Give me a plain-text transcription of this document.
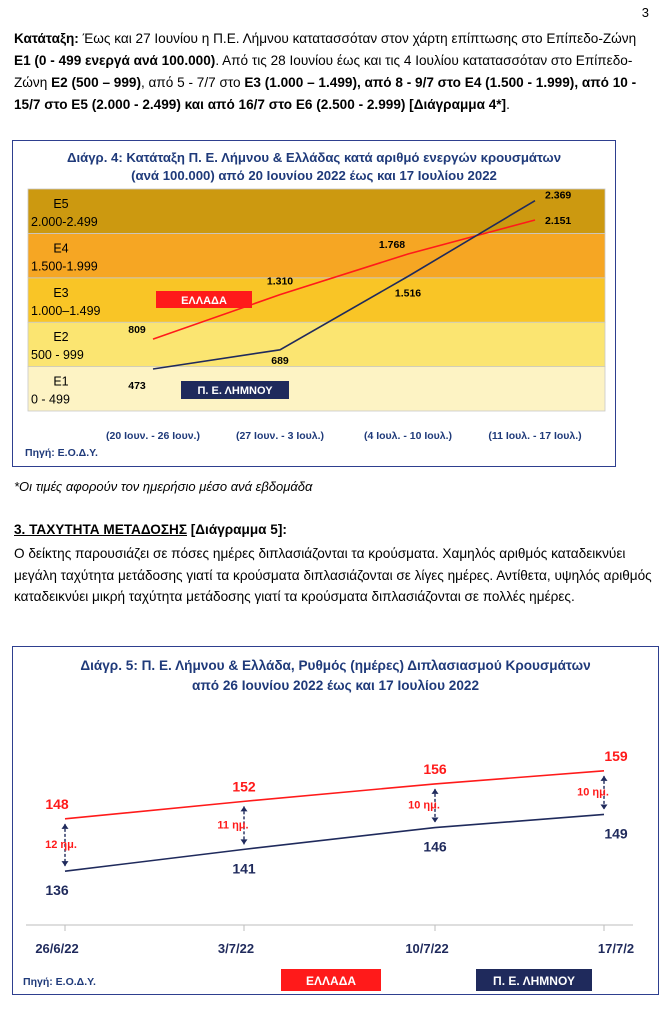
3
Κατάταξη: Έως και 27 Ιουνίου η Π.Ε. Λήμνου κατατασσόταν στον χάρτη επίπτωσης στο Επίπεδο-Ζώνη Ε1 (0 - 499 ενεργά ανά 100.000). Από τις 28 Ιουνίου έως και τις 4 Ιουλίου κατατασσόταν στο Επίπεδο-Ζώνη Ε2 (500 – 999), από 5 - 7/7 στο Ε3 (1.000 – 1.499), από 8 - 9/7 στο Ε4 (1.500 - 1.999), από 10 - 15/7 στο Ε5 (2.000 - 2.499) και από 16/7 στο Ε6 (2.500 - 2.999) [Διάγραμμα 4*].
Διάγρ. 4: Κατάταξη Π. Ε. Λήμνου & Ελλάδας κατά αριθμό ενεργών κρουσμάτων
(ανά 100.000) από 20 Ιουνίου 2022 έως και 17 Ιουλίου 2022
Ε1
0 - 499
Ε2
500 - 999
Ε3
1.000–1.499
Ε4
1.500-1.999
Ε5
2.000-2.499
(20 Ιουν. - 26 Ιουν.)	(27 Ιουν. - 3 Ιουλ.)	(4 Ιουλ. - 10 Ιουλ.)	(11 Ιουλ. - 17 Ιουλ.)
809
1.310
1.768
2.151
473
689
1.516
2.369
ΕΛΛΑΔΑ
Π. Ε. ΛΗΜΝΟΥ
Πηγή: Ε.Ο.Δ.Υ.
*Οι τιμές αφορούν τον ημερήσιο μέσο ανά εβδομάδα
3. ΤΑΧΥΤΗΤΑ ΜΕΤΑΔΟΣΗΣ [Διάγραμμα 5]:
Ο δείκτης παρουσιάζει σε πόσες ημέρες διπλασιάζονται τα κρούσματα. Χαμηλός αριθμός καταδεικνύει μεγάλη ταχύτητα μετάδοσης γιατί τα κρούσματα διπλασιάζονται σε λίγες ημέρες. Αντίθετα, υψηλός αριθμός καταδεικνύει μικρή ταχύτητα μετάδοσης γιατί τα κρούσματα διπλασιάζονται σε πολλές ημέρες.
Διάγρ. 5: Π. Ε. Λήμνου & Ελλάδα, Ρυθμός (ημέρες) Διπλασιασμού Κρουσμάτων
από 26 Ιουνίου 2022 έως και 17 Ιουλίου 2022
26/6/22	3/7/22	10/7/22	17/7/2
12 ημ.
11 ημ.
10 ημ.
10 ημ.
148
152
156
159
136
141
146
149
ΕΛΛΑΔΑ	Π. Ε. ΛΗΜΝΟΥ
Πηγή: Ε.Ο.Δ.Υ.
